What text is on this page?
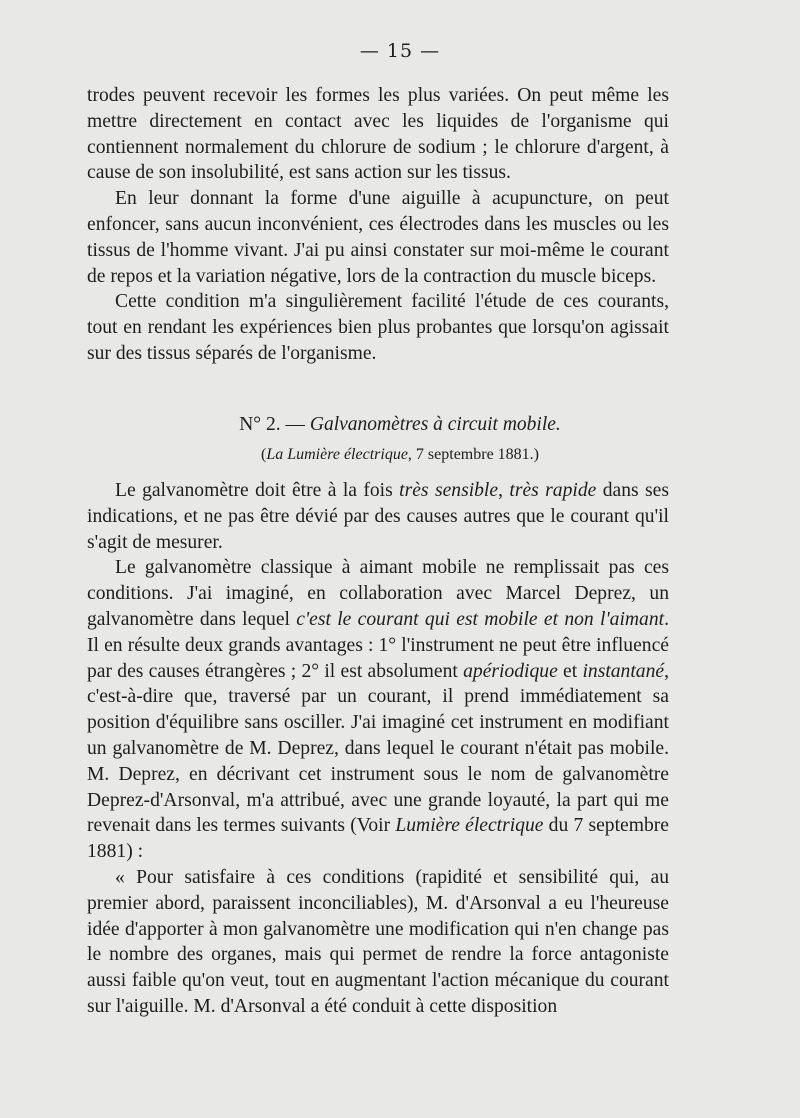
— 15 —

trodes peuvent recevoir les formes les plus variées. On peut même les mettre directement en contact avec les liquides de l'organisme qui contiennent normalement du chlorure de sodium ; le chlorure d'argent, à cause de son insolubilité, est sans action sur les tissus.

En leur donnant la forme d'une aiguille à acupuncture, on peut enfoncer, sans aucun inconvénient, ces électrodes dans les muscles ou les tissus de l'homme vivant. J'ai pu ainsi constater sur moi-même le courant de repos et la variation négative, lors de la contraction du muscle biceps.

Cette condition m'a singulièrement facilité l'étude de ces courants, tout en rendant les expériences bien plus probantes que lorsqu'on agissait sur des tissus séparés de l'organisme.

N° 2. — Galvanomètres à circuit mobile.
(La Lumière électrique, 7 septembre 1881.)

Le galvanomètre doit être à la fois très sensible, très rapide dans ses indications, et ne pas être dévié par des causes autres que le courant qu'il s'agit de mesurer.

Le galvanomètre classique à aimant mobile ne remplissait pas ces conditions. J'ai imaginé, en collaboration avec Marcel Deprez, un galvanomètre dans lequel c'est le courant qui est mobile et non l'aimant. Il en résulte deux grands avantages : 1° l'instrument ne peut être influencé par des causes étrangères ; 2° il est absolument apériodique et instantané, c'est-à-dire que, traversé par un courant, il prend immédiatement sa position d'équilibre sans osciller. J'ai imaginé cet instrument en modifiant un galvanomètre de M. Deprez, dans lequel le courant n'était pas mobile. M. Deprez, en décrivant cet instrument sous le nom de galvanomètre Deprez-d'Arsonval, m'a attribué, avec une grande loyauté, la part qui me revenait dans les termes suivants (Voir Lumière électrique du 7 septembre 1881) :

« Pour satisfaire à ces conditions (rapidité et sensibilité qui, au premier abord, paraissent inconciliables), M. d'Arsonval a eu l'heureuse idée d'apporter à mon galvanomètre une modification qui n'en change pas le nombre des organes, mais qui permet de rendre la force antagoniste aussi faible qu'on veut, tout en augmentant l'action mécanique du courant sur l'aiguille. M. d'Arsonval a été conduit à cette disposition
